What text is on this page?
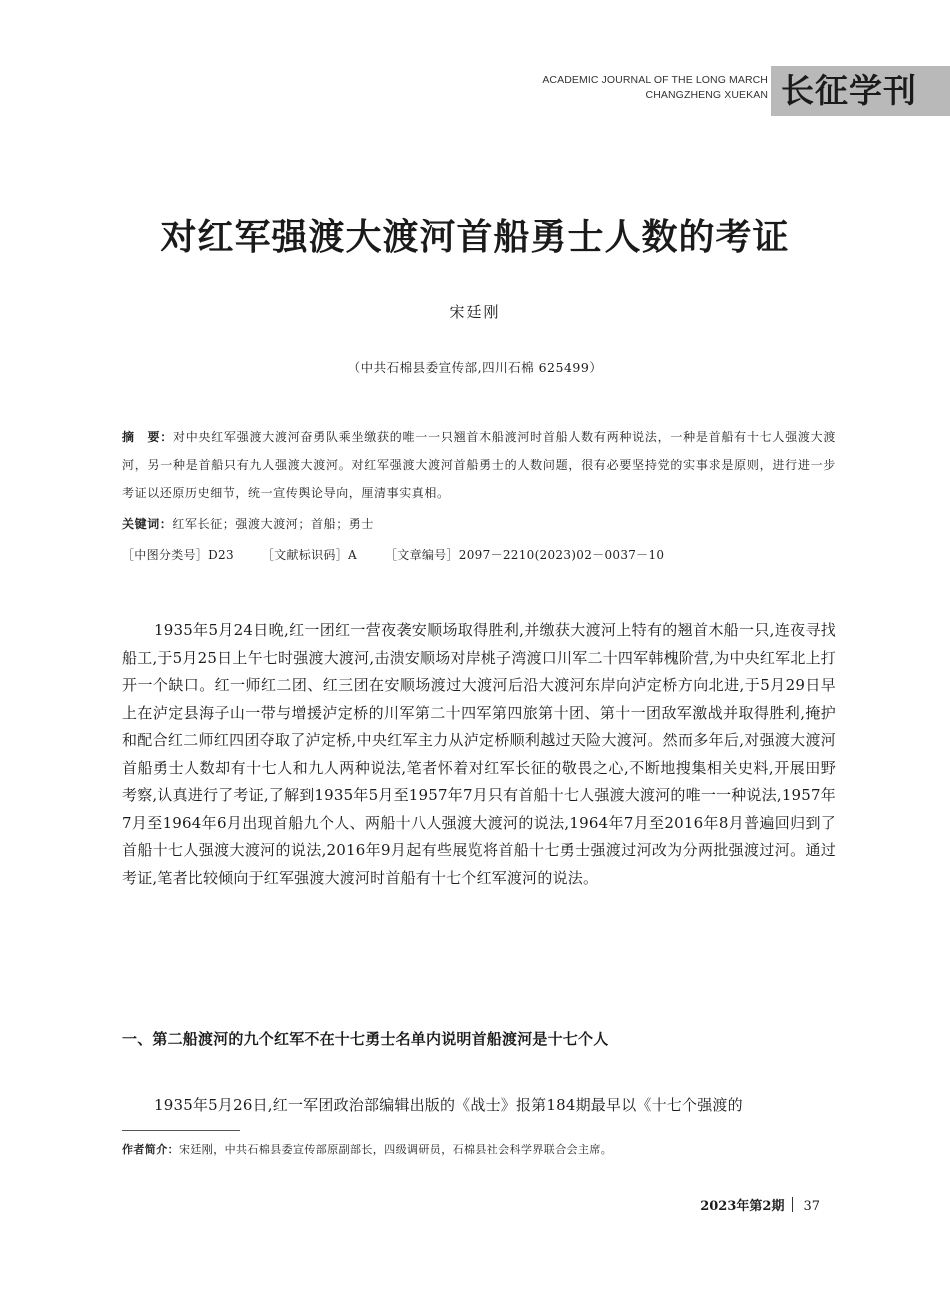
ACADEMIC JOURNAL OF THE LONG MARCH
CHANGZHENG XUEKAN 长征学刊
对红军强渡大渡河首船勇士人数的考证
宋廷刚
（中共石棉县委宣传部,四川石棉 625499）

摘　要：对中央红军强渡大渡河奋勇队乘坐缴获的唯一一只翘首木船渡河时首船人数有两种说法，一种是首船有十七人强渡大渡河，另一种是首船只有九人强渡大渡河。对红军强渡大渡河首船勇士的人数问题，很有必要坚持党的实事求是原则，进行进一步考证以还原历史细节，统一宣传舆论导向，厘清事实真相。

关键词：红军长征；强渡大渡河；首船；勇士

［中图分类号］D23 ［文献标识码］A ［文章编号］2097－2210(2023)02－0037－10

1935年5月24日晚,红一团红一营夜袭安顺场取得胜利,并缴获大渡河上特有的翘首木船一只,连夜寻找船工,于5月25日上午七时强渡大渡河,击溃安顺场对岸桃子湾渡口川军二十四军韩槐阶营,为中央红军北上打开一个缺口。红一师红二团、红三团在安顺场渡过大渡河后沿大渡河东岸向泸定桥方向北进,于5月29日早上在泸定县海子山一带与增援泸定桥的川军第二十四军第四旅第十团、第十一团敌军激战并取得胜利,掩护和配合红二师红四团夺取了泸定桥,中央红军主力从泸定桥顺利越过天险大渡河。然而多年后,对强渡大渡河首船勇士人数却有十七人和九人两种说法,笔者怀着对红军长征的敬畏之心,不断地搜集相关史料,开展田野考察,认真进行了考证,了解到1935年5月至1957年7月只有首船十七人强渡大渡河的唯一一种说法,1957年7月至1964年6月出现首船九个人、两船十八人强渡大渡河的说法,1964年7月至2016年8月普遍回归到了首船十七人强渡大渡河的说法,2016年9月起有些展览将首船十七勇士强渡过河改为分两批强渡过河。通过考证,笔者比较倾向于红军强渡大渡河时首船有十七个红军渡河的说法。

一、第二船渡河的九个红军不在十七勇士名单内说明首船渡河是十七个人

1935年5月26日,红一军团政治部编辑出版的《战士》报第184期最早以《十七个强渡的

作者简介：宋廷刚，中共石棉县委宣传部原副部长，四级调研员，石棉县社会科学界联合会主席。

2023年第2期 37
